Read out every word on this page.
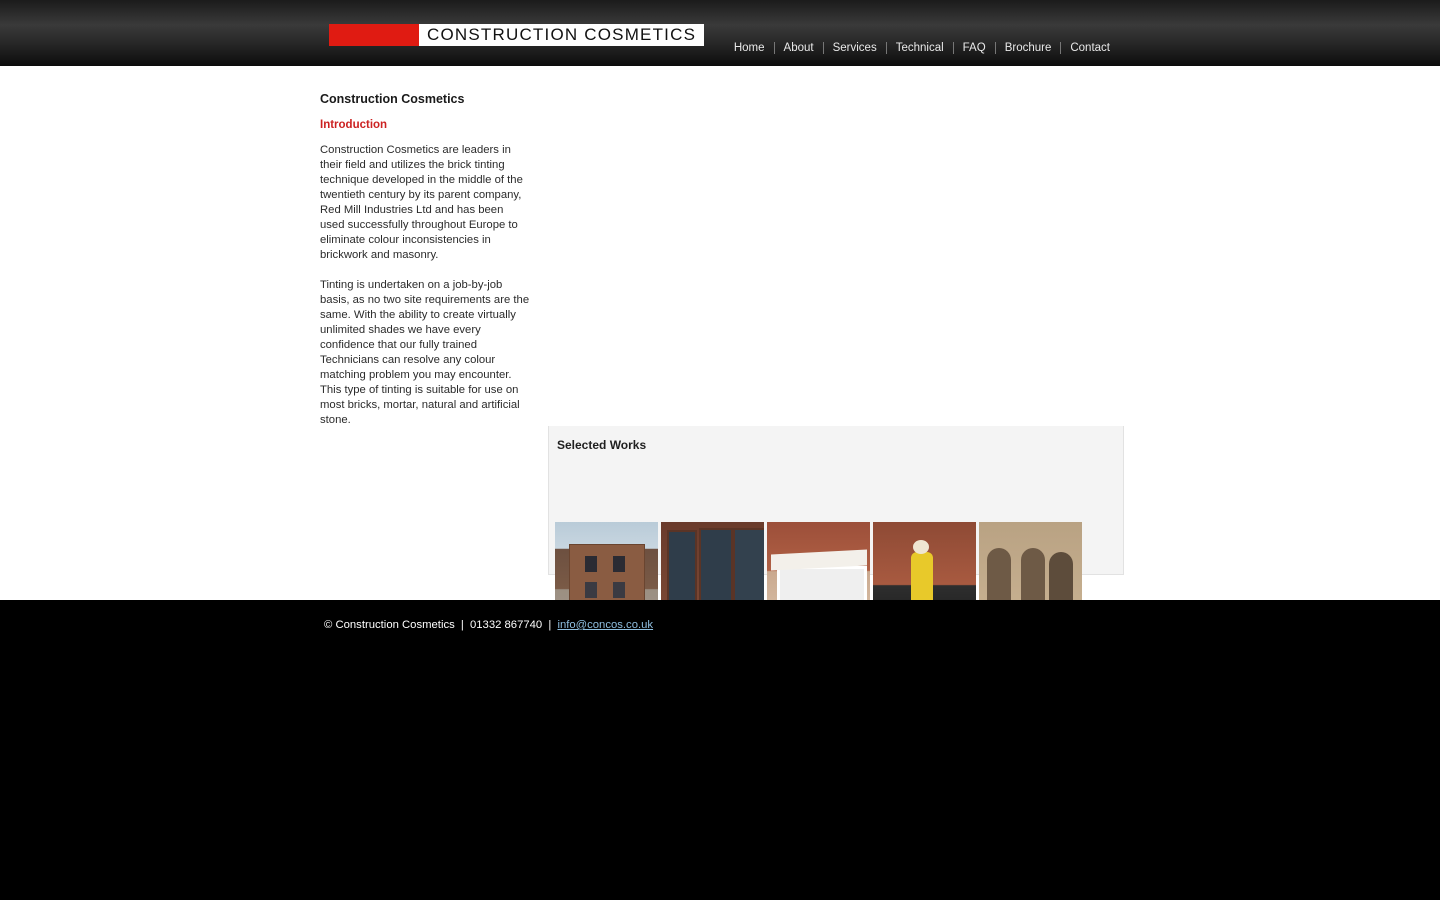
CONSTRUCTION COSMETICS
Home	About	Services	Technical	FAQ	Brochure	Contact
Construction Cosmetics
Introduction

Construction Cosmetics are leaders in their field and utilizes the brick tinting technique developed in the middle of the twentieth century by its parent company, Red Mill Industries Ltd and has been used successfully throughout Europe to eliminate colour inconsistencies in brickwork and masonry.

Tinting is undertaken on a job-by-job basis, as no two site requirements are the same. With the ability to create virtually unlimited shades we have every confidence that our fully trained Technicians can resolve any colour matching problem you may encounter. This type of tinting is suitable for use on most bricks, mortar, natural and artificial stone.

Selected Works
© Construction Cosmetics | 01332 867740 | info@concos.co.uk
